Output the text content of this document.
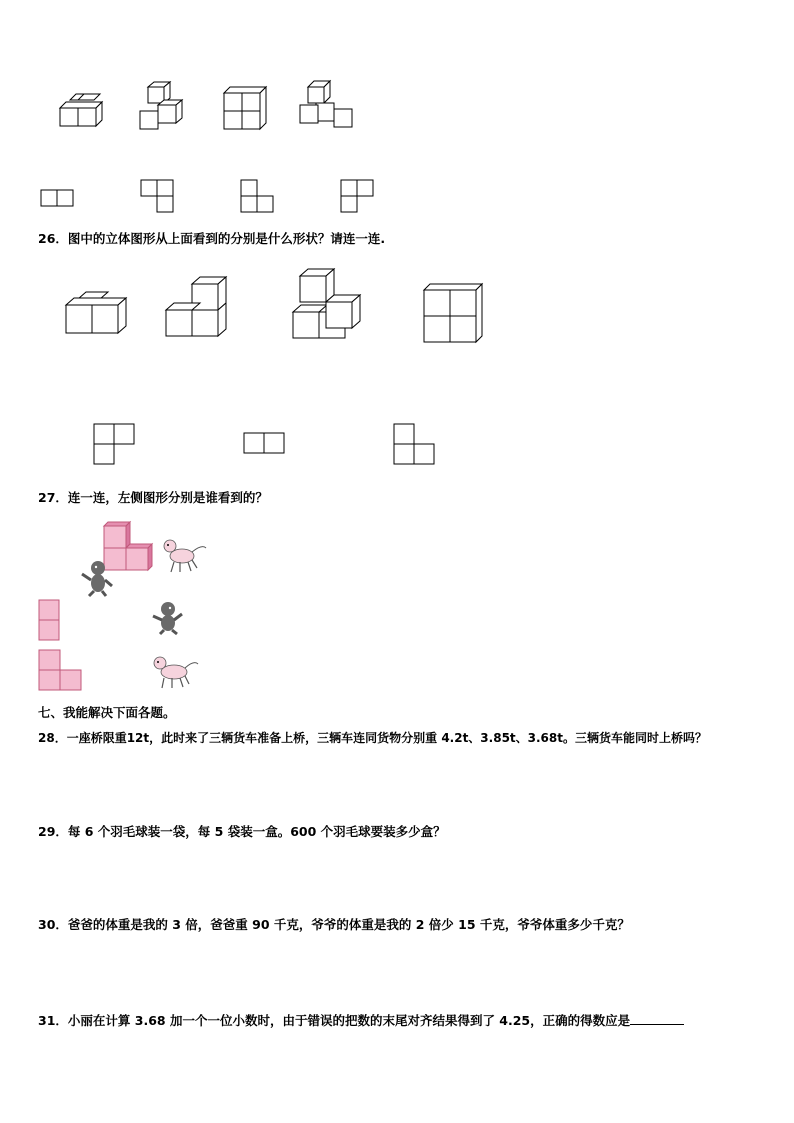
26．图中的立体图形从上面看到的分别是什么形状？请连一连.
27．连一连，左侧图形分别是谁看到的？
七、我能解决下面各题。
28．一座桥限重12t，此时来了三辆货车准备上桥，三辆车连同货物分别重 4.2t、3.85t、3.68t。三辆货车能同时上桥吗？
29．每 6 个羽毛球装一袋，每 5 袋装一盒。600 个羽毛球要装多少盒？
30．爸爸的体重是我的 3 倍，爸爸重 90 千克，爷爷的体重是我的 2 倍少 15 千克，爷爷体重多少千克？
31．小丽在计算 3.68 加一个一位小数时，由于错误的把数的末尾对齐结果得到了 4.25，正确的得数应是
